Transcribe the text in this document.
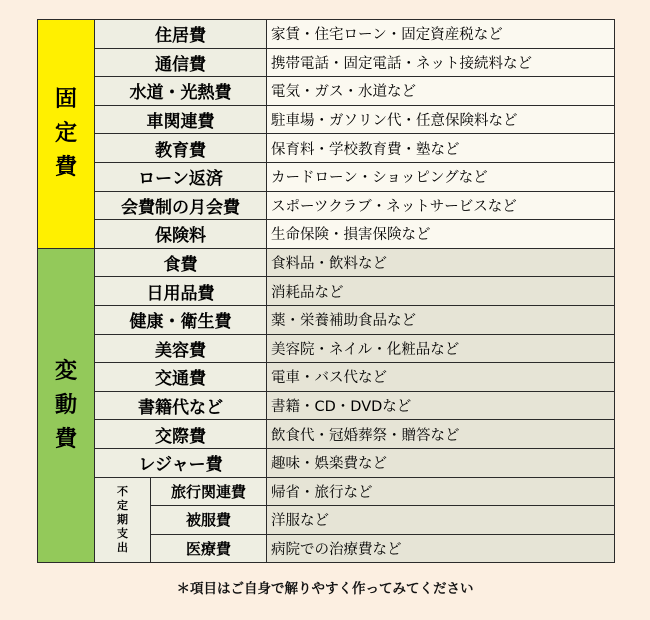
固定費	住居費		家賃・住宅ローン・固定資産税など
	通信費		携帯電話・固定電話・ネット接続料など
	水道・光熱費		電気・ガス・水道など
	車関連費		駐車場・ガソリン代・任意保険料など
	教育費		保育料・学校教育費・塾など
	ローン返済		カードローン・ショッピングなど
	会費制の月会費		スポーツクラブ・ネットサービスなど
	保険料		生命保険・損害保険など

変動費	食費		食料品・飲料など
	日用品費		消耗品など
	健康・衛生費		薬・栄養補助食品など
	美容費		美容院・ネイル・化粧品など
	交通費		電車・バス代など
	書籍代など		書籍・CD・DVDなど
	交際費		飲食代・冠婚葬祭・贈答など
	レジャー費		趣味・娯楽費など

	不定期支出	旅行関連費	帰省・旅行など
		被服費	洋服など
		医療費	病院での治療費など
＊項目はご自身で解りやすく作ってみてください
